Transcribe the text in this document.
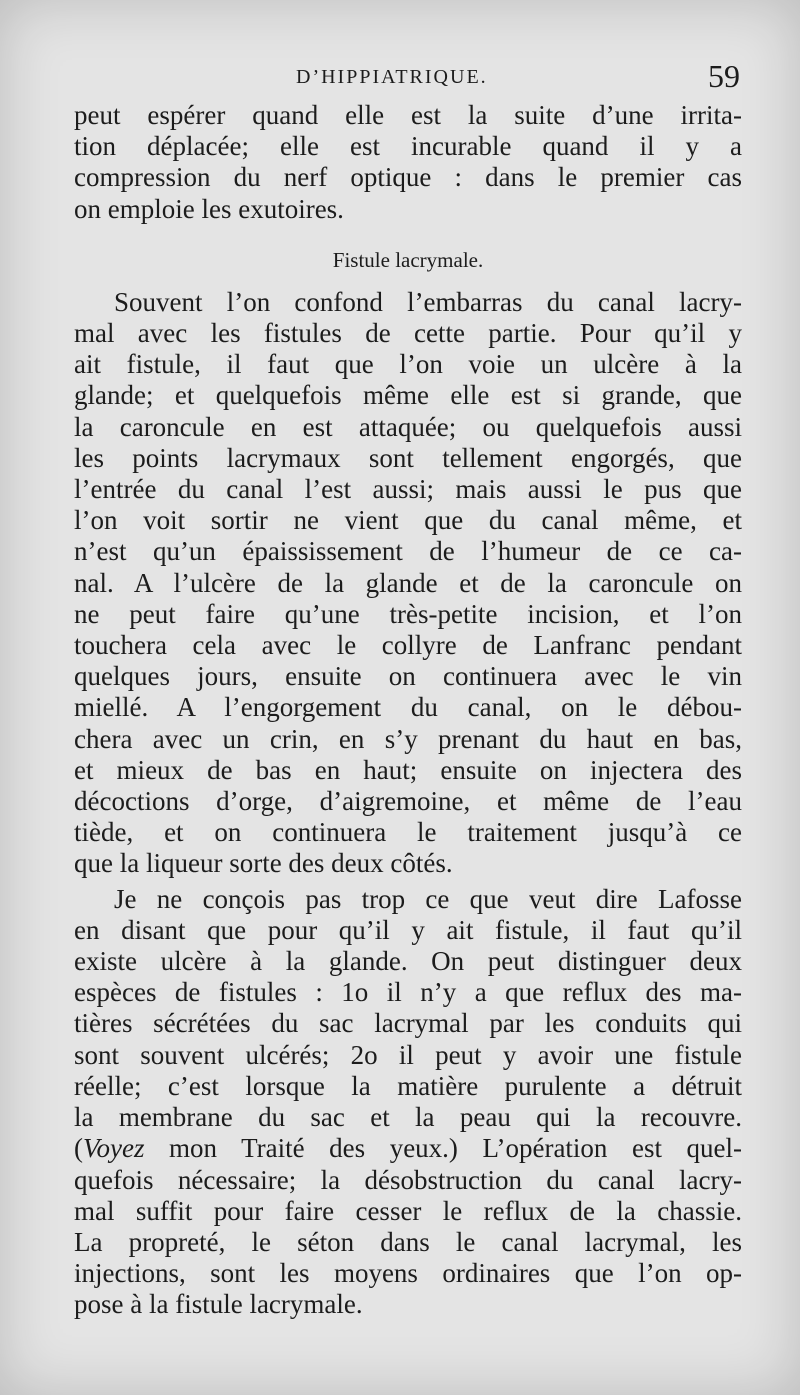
D’HIPPIATRIQUE.	59
peut espérer quand elle est la suite d’une irrita-
tion déplacée; elle est incurable quand il y a
compression du nerf optique : dans le premier cas
on emploie les exutoires.
Fistule lacrymale.
Souvent l’on confond l’embarras du canal lacry-
mal avec les fistules de cette partie. Pour qu’il y
ait fistule, il faut que l’on voie un ulcère à la
glande; et quelquefois même elle est si grande, que
la caroncule en est attaquée; ou quelquefois aussi
les points lacrymaux sont tellement engorgés, que
l’entrée du canal l’est aussi; mais aussi le pus que
l’on voit sortir ne vient que du canal même, et
n’est qu’un épaississement de l’humeur de ce ca-
nal. A l’ulcère de la glande et de la caroncule on
ne peut faire qu’une très-petite incision, et l’on
touchera cela avec le collyre de Lanfranc pendant
quelques jours, ensuite on continuera avec le vin
miellé. A l’engorgement du canal, on le débou-
chera avec un crin, en s’y prenant du haut en bas,
et mieux de bas en haut; ensuite on injectera des
décoctions d’orge, d’aigremoine, et même de l’eau
tiède, et on continuera le traitement jusqu’à ce
que la liqueur sorte des deux côtés.
Je ne conçois pas trop ce que veut dire Lafosse
en disant que pour qu’il y ait fistule, il faut qu’il
existe ulcère à la glande. On peut distinguer deux
espèces de fistules : 1o il n’y a que reflux des ma-
tières sécrétées du sac lacrymal par les conduits qui
sont souvent ulcérés; 2o il peut y avoir une fistule
réelle; c’est lorsque la matière purulente a détruit
la membrane du sac et la peau qui la recouvre.
(Voyez mon Traité des yeux.) L’opération est quel-
quefois nécessaire; la désobstruction du canal lacry-
mal suffit pour faire cesser le reflux de la chassie.
La propreté, le séton dans le canal lacrymal, les
injections, sont les moyens ordinaires que l’on op-
pose à la fistule lacrymale.
